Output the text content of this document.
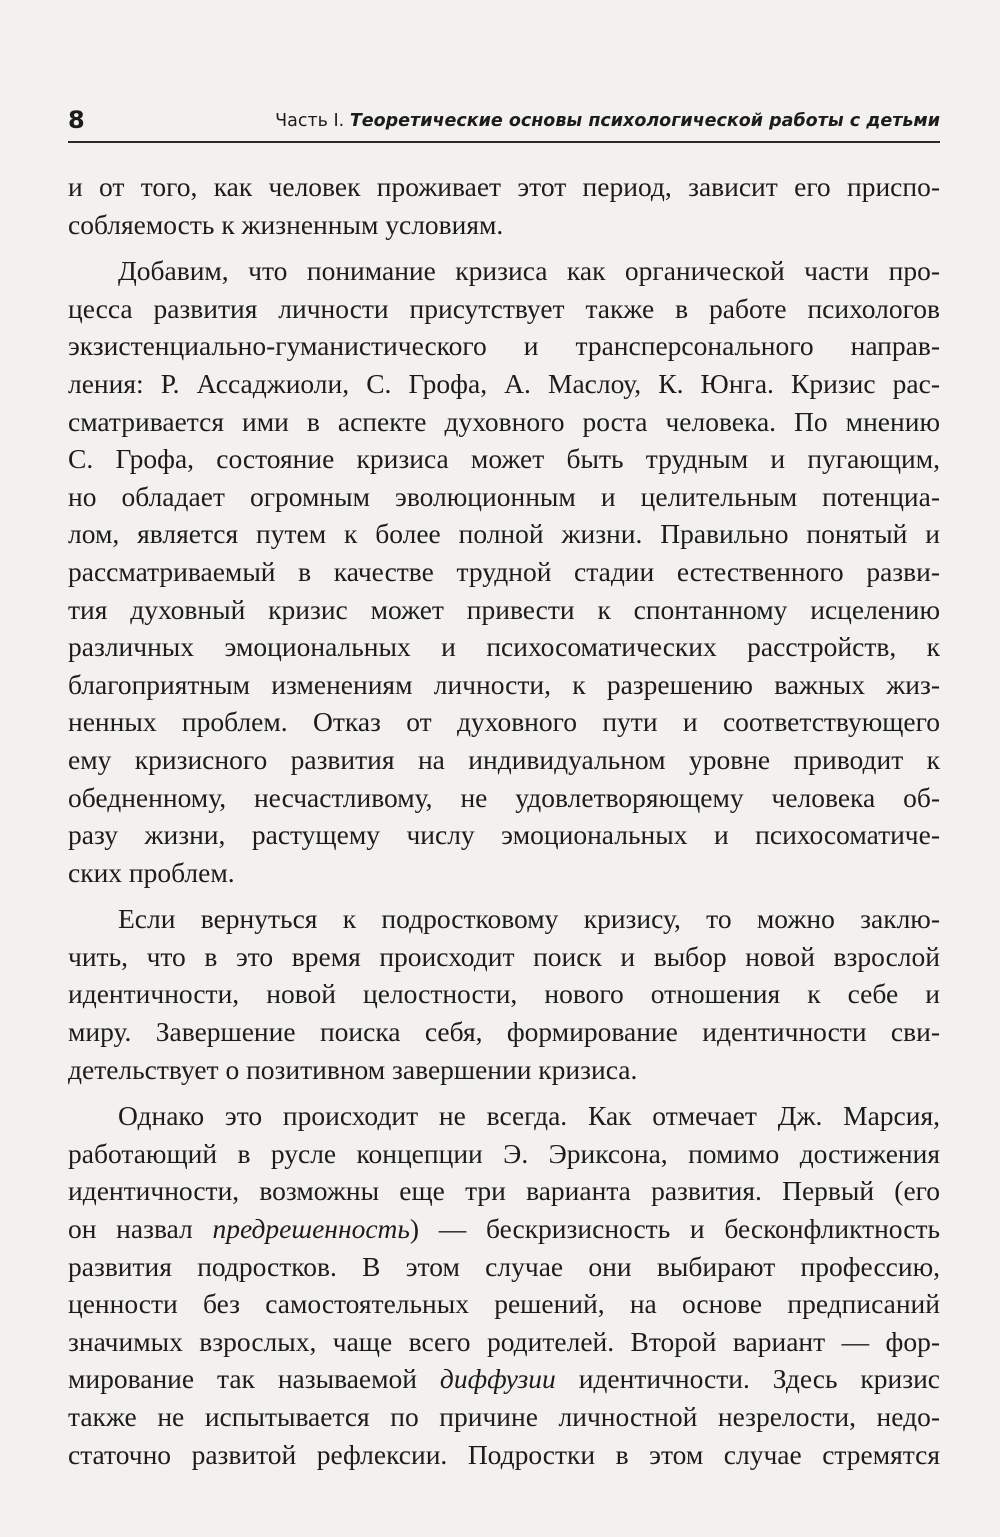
8	Часть I. Теоретические основы психологической работы с детьми
и от того, как человек проживает этот период, зависит его приспо-
собляемость к жизненным условиям.
Добавим, что понимание кризиса как органической части про-
цесса развития личности присутствует также в работе психологов
экзистенциально-гуманистического и трансперсонального направ-
ления: Р. Ассаджиоли, С. Грофа, А. Маслоу, К. Юнга. Кризис рас-
сматривается ими в аспекте духовного роста человека. По мнению
С. Грофа, состояние кризиса может быть трудным и пугающим,
но обладает огромным эволюционным и целительным потенциа-
лом, является путем к более полной жизни. Правильно понятый и
рассматриваемый в качестве трудной стадии естественного разви-
тия духовный кризис может привести к спонтанному исцелению
различных эмоциональных и психосоматических расстройств, к
благоприятным изменениям личности, к разрешению важных жиз-
ненных проблем. Отказ от духовного пути и соответствующего
ему кризисного развития на индивидуальном уровне приводит к
обедненному, несчастливому, не удовлетворяющему человека об-
разу жизни, растущему числу эмоциональных и психосоматиче-
ских проблем.
Если вернуться к подростковому кризису, то можно заклю-
чить, что в это время происходит поиск и выбор новой взрослой
идентичности, новой целостности, нового отношения к себе и
миру. Завершение поиска себя, формирование идентичности сви-
детельствует о позитивном завершении кризиса.
Однако это происходит не всегда. Как отмечает Дж. Марсия,
работающий в русле концепции Э. Эриксона, помимо достижения
идентичности, возможны еще три варианта развития. Первый (его
он назвал предрешенность) — бескризисность и бесконфликтность
развития подростков. В этом случае они выбирают профессию,
ценности без самостоятельных решений, на основе предписаний
значимых взрослых, чаще всего родителей. Второй вариант — фор-
мирование так называемой диффузии идентичности. Здесь кризис
также не испытывается по причине личностной незрелости, недо-
статочно развитой рефлексии. Подростки в этом случае стремятся
